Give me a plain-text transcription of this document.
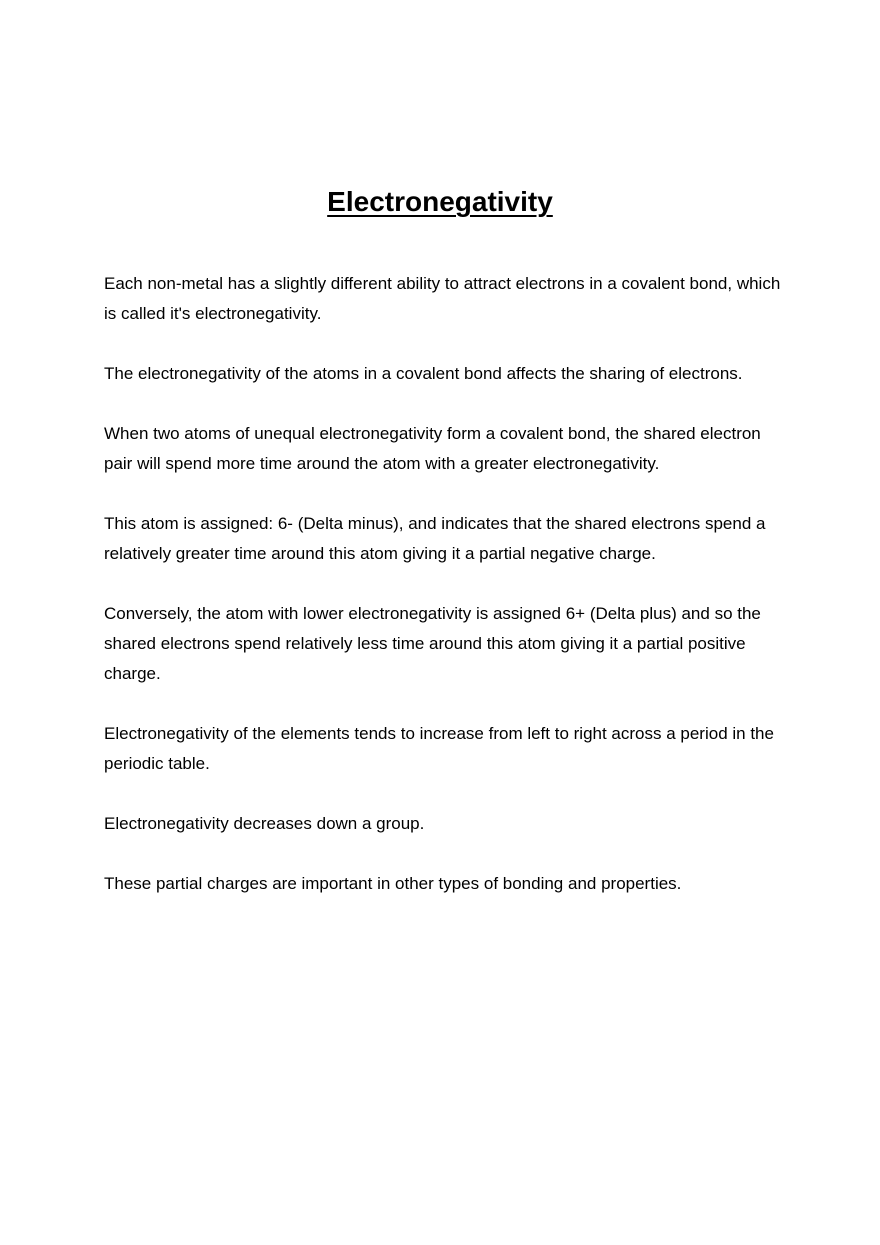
Electronegativity

Each non-metal has a slightly different ability to attract electrons in a covalent bond, which is called it's electronegativity.

The electronegativity of the atoms in a covalent bond affects the sharing of electrons.

When two atoms of unequal electronegativity form a covalent bond, the shared electron pair will spend more time around the atom with a greater electronegativity.

This atom is assigned: 6- (Delta minus), and indicates that the shared electrons spend a relatively greater time around this atom giving it a partial negative charge.

Conversely, the atom with lower electronegativity is assigned 6+ (Delta plus) and so the shared electrons spend relatively less time around this atom giving it a partial positive charge.

Electronegativity of the elements tends to increase from left to right across a period in the periodic table.

Electronegativity decreases down a group.

These partial charges are important in other types of bonding and properties.
